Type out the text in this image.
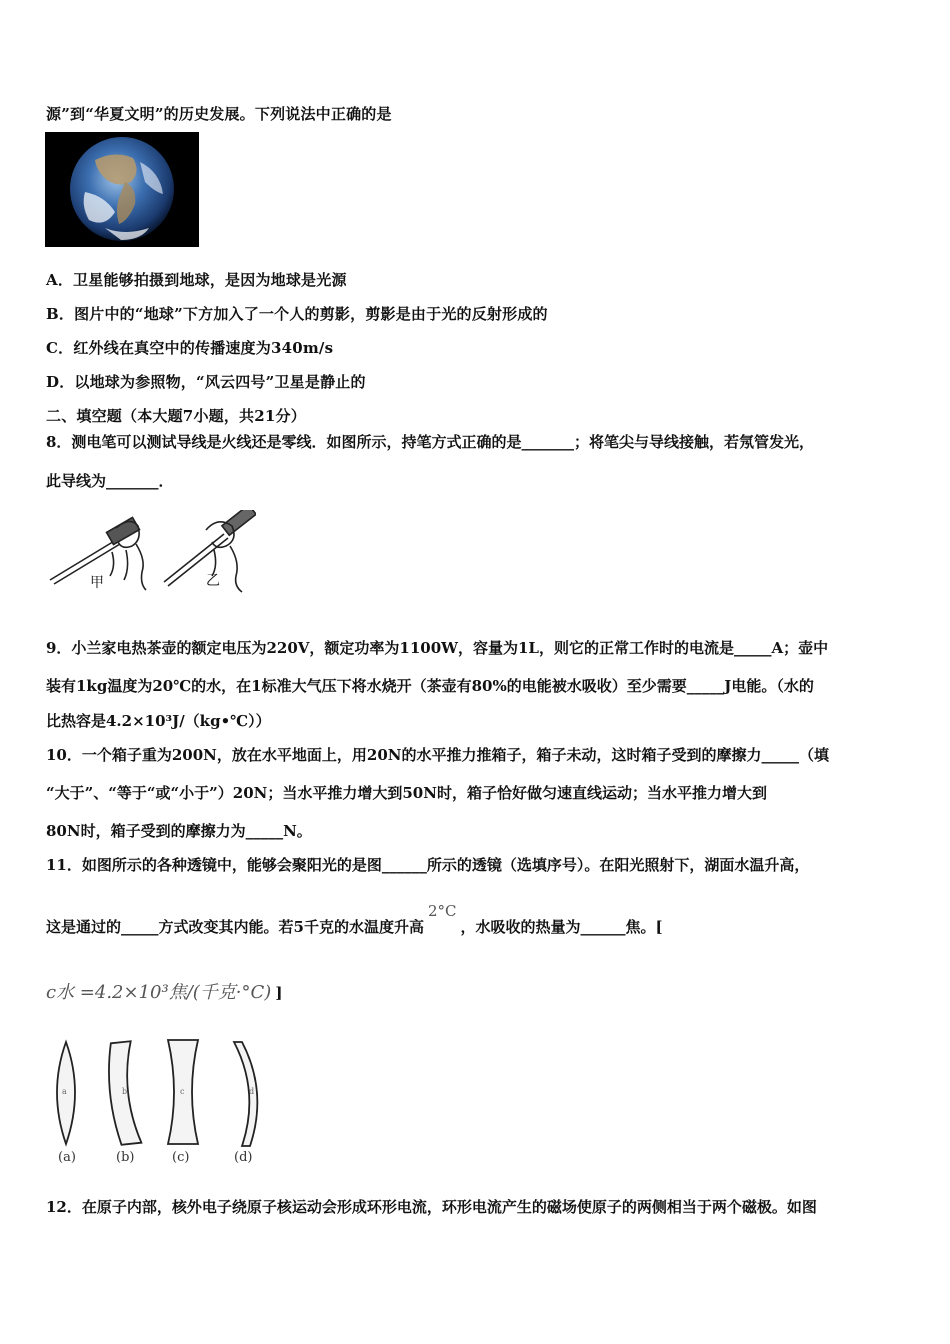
源”到“华夏文明”的历史发展。下列说法中正确的是
A．卫星能够拍摄到地球，是因为地球是光源
B．图片中的“地球”下方加入了一个人的剪影，剪影是由于光的反射形成的
C．红外线在真空中的传播速度为340m/s
D．以地球为参照物，“风云四号”卫星是静止的
二、填空题（本大题7小题，共21分）
8．测电笔可以测试导线是火线还是零线．如图所示，持笔方式正确的是_______；将笔尖与导线接触，若氖管发光，
此导线为_______．
甲	乙
9．小兰家电热茶壶的额定电压为220V，额定功率为1100W，容量为1L，则它的正常工作时的电流是_____A；壶中
装有1kg温度为20℃的水，在1标准大气压下将水烧开（茶壶有80%的电能被水吸收）至少需要_____J电能。（水的
比热容是4.2×10³J/（kg•℃））
10．一个箱子重为200N，放在水平地面上，用20N的水平推力推箱子，箱子未动，这时箱子受到的摩擦力_____（填
“大于”、“等于“或“小于”）20N；当水平推力增大到50N时，箱子恰好做匀速直线运动；当水平推力增大到
80N时，箱子受到的摩擦力为_____N。
11．如图所示的各种透镜中，能够会聚阳光的是图______所示的透镜（选填序号）。在阳光照射下，湖面水温升高，
这是通过的_____方式改变其内能。若5千克的水温度升高2°C，水吸收的热量为______焦。[
c水 =4.2×10³焦/(千克·°C) ]
a	b	c	d
(a)	(b)	(c)	(d)
12．在原子内部，核外电子绕原子核运动会形成环形电流，环形电流产生的磁场使原子的两侧相当于两个磁极。如图
